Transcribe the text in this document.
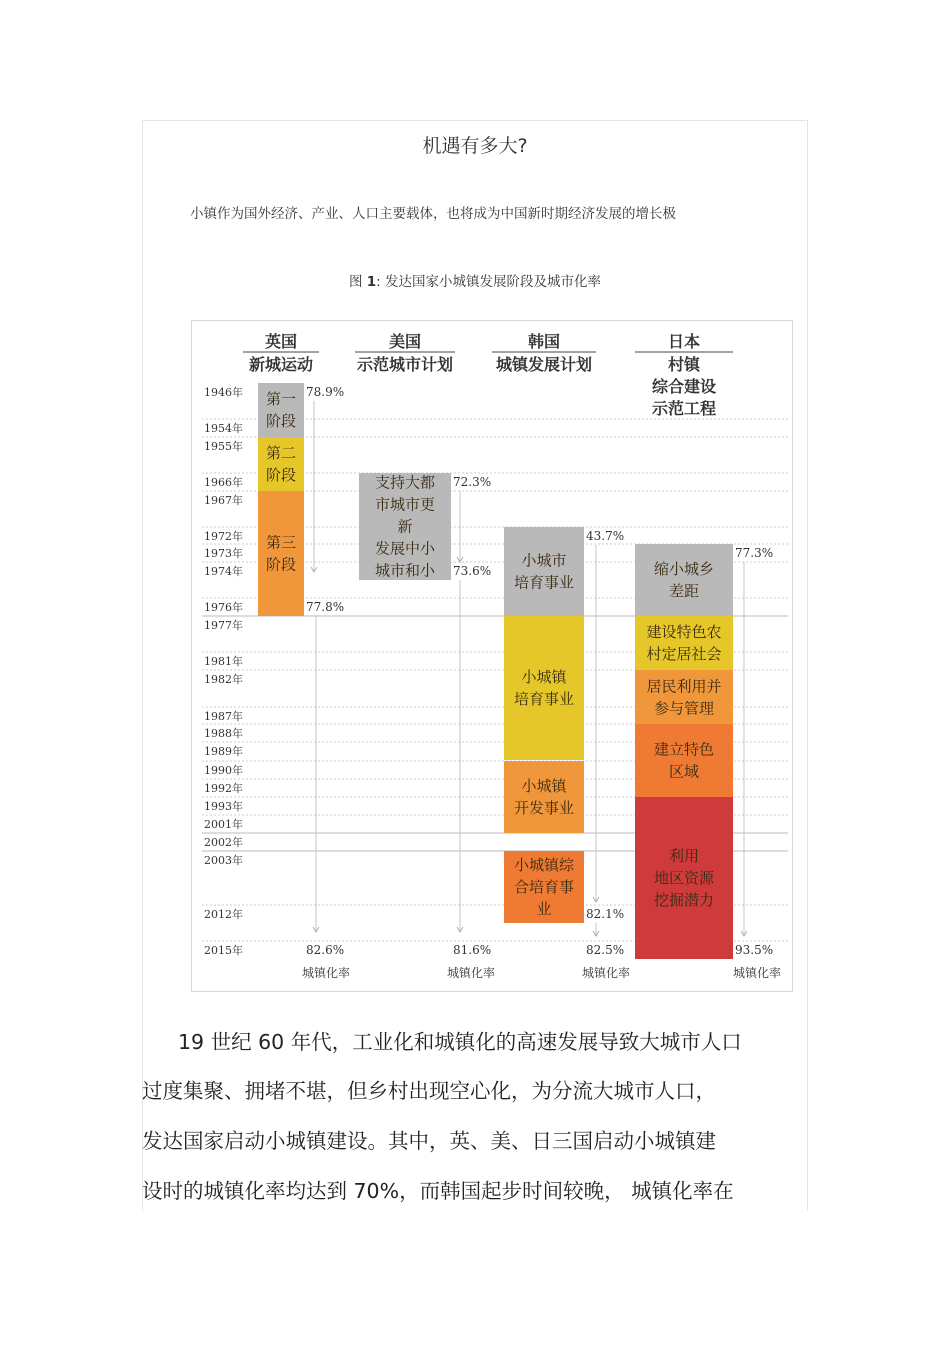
机遇有多大?
小镇作为国外经济、产业、人口主要载体，也将成为中国新时期经济发展的增长极
图 1: 发达国家小城镇发展阶段及城市化率
英国
新城运动
美国
示范城市计划
韩国
城镇发展计划
日本
村镇
综合建设
示范工程
1946年
1954年
1955年
1966年
1967年
1972年
1973年
1974年
1976年
1977年
1981年
1982年
1987年
1988年
1989年
1990年
1992年
1993年
2001年
2002年
2003年
2012年
2015年
第一
阶段
第二
阶段
第三
阶段
支持大都
市城市更
新
发展中小
城市和小
小城市
培育事业
小城镇
培育事业
小城镇
开发事业
小城镇综
合培育事
业
缩小城乡
差距
建设特色农
村定居社会
居民利用并
参与管理
建立特色
区域
利用
地区资源
挖掘潜力
78.9%
77.8%
82.6%
72.3%
73.6%
81.6%
43.7%
82.1%
82.5%
77.3%
93.5%
城镇化率	城镇化率	城镇化率	城镇化率
19 世纪 60 年代，工业化和城镇化的高速发展导致大城市人口
过度集聚、拥堵不堪，但乡村出现空心化，为分流大城市人口，
发达国家启动小城镇建设。其中，英、美、日三国启动小城镇建
设时的城镇化率均达到 70%，而韩国起步时间较晚， 城镇化率在
